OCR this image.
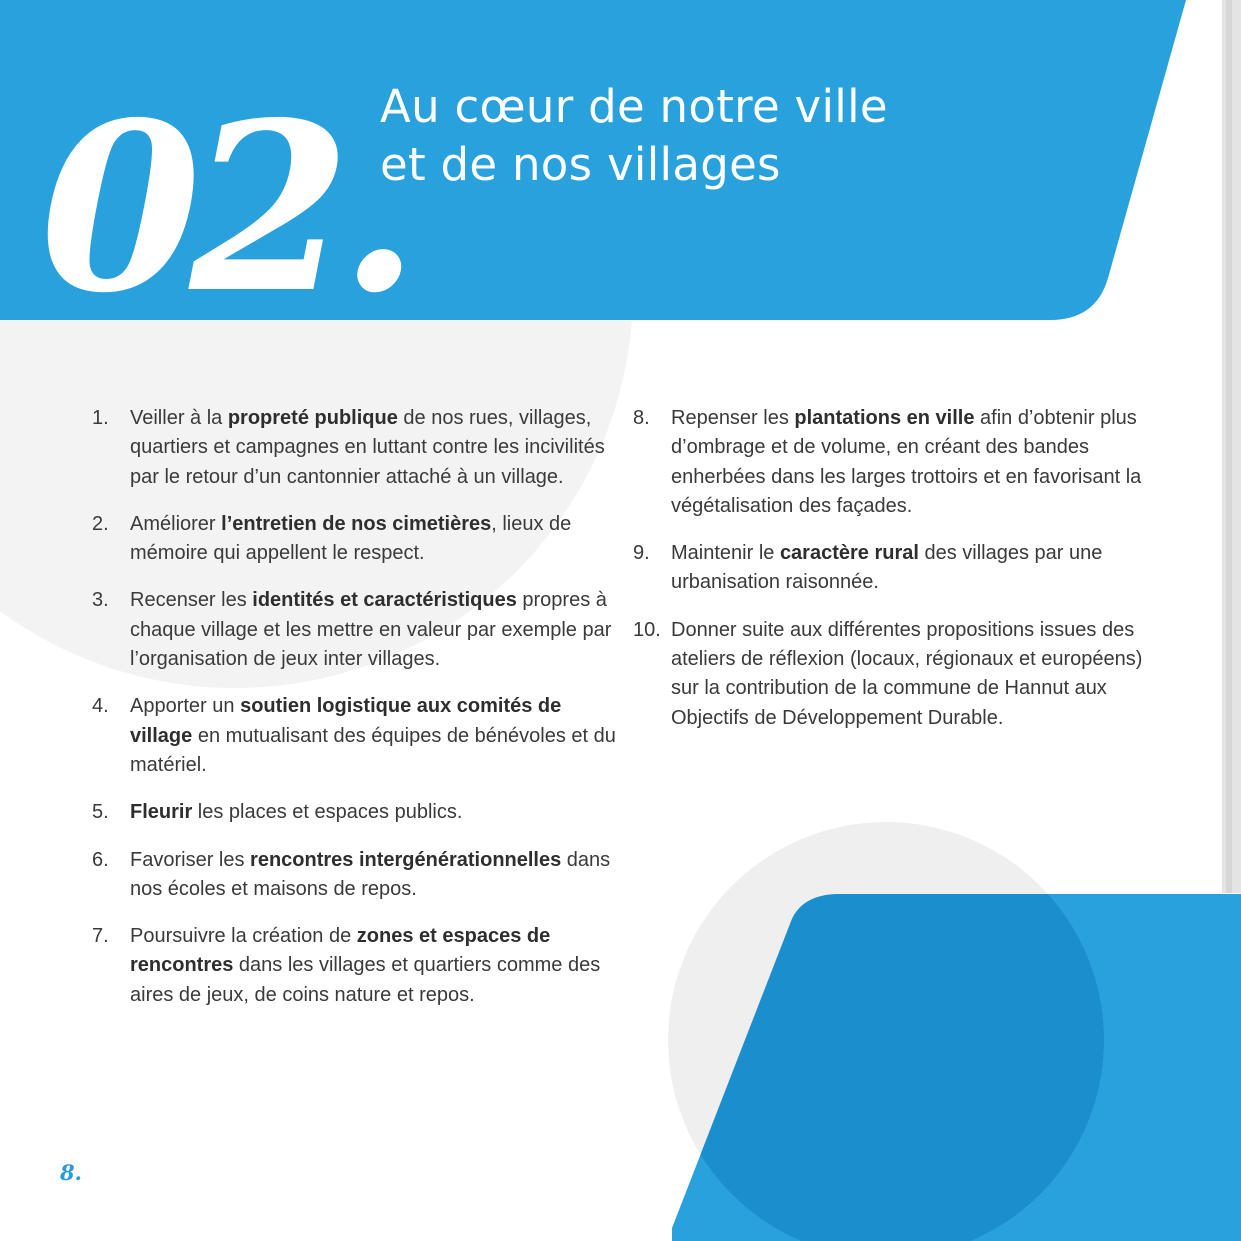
02.
Au cœur de notre ville
et de nos villages
1. Veiller à la propreté publique de nos rues, villages, quartiers et campagnes en luttant contre les incivilités par le retour d’un cantonnier attaché à un village.
2. Améliorer l’entretien de nos cimetières, lieux de mémoire qui appellent le respect.
3. Recenser les identités et caractéristiques propres à chaque village et les mettre en valeur par exemple par l’organisation de jeux inter villages.
4. Apporter un soutien logistique aux comités de village en mutualisant des équipes de bénévoles et du matériel.
5. Fleurir les places et espaces publics.
6. Favoriser les rencontres intergénérationnelles dans nos écoles et maisons de repos.
7. Poursuivre la création de zones et espaces de rencontres dans les villages et quartiers comme des aires de jeux, de coins nature et repos.
8. Repenser les plantations en ville afin d’obtenir plus d’ombrage et de volume, en créant des bandes enherbées dans les larges trottoirs et en favorisant la végétalisation des façades.
9. Maintenir le caractère rural des villages par une urbanisation raisonnée.
10. Donner suite aux différentes propositions issues des ateliers de réflexion (locaux, régionaux et européens) sur la contribution de la commune de Hannut aux Objectifs de Développement Durable.
8.
